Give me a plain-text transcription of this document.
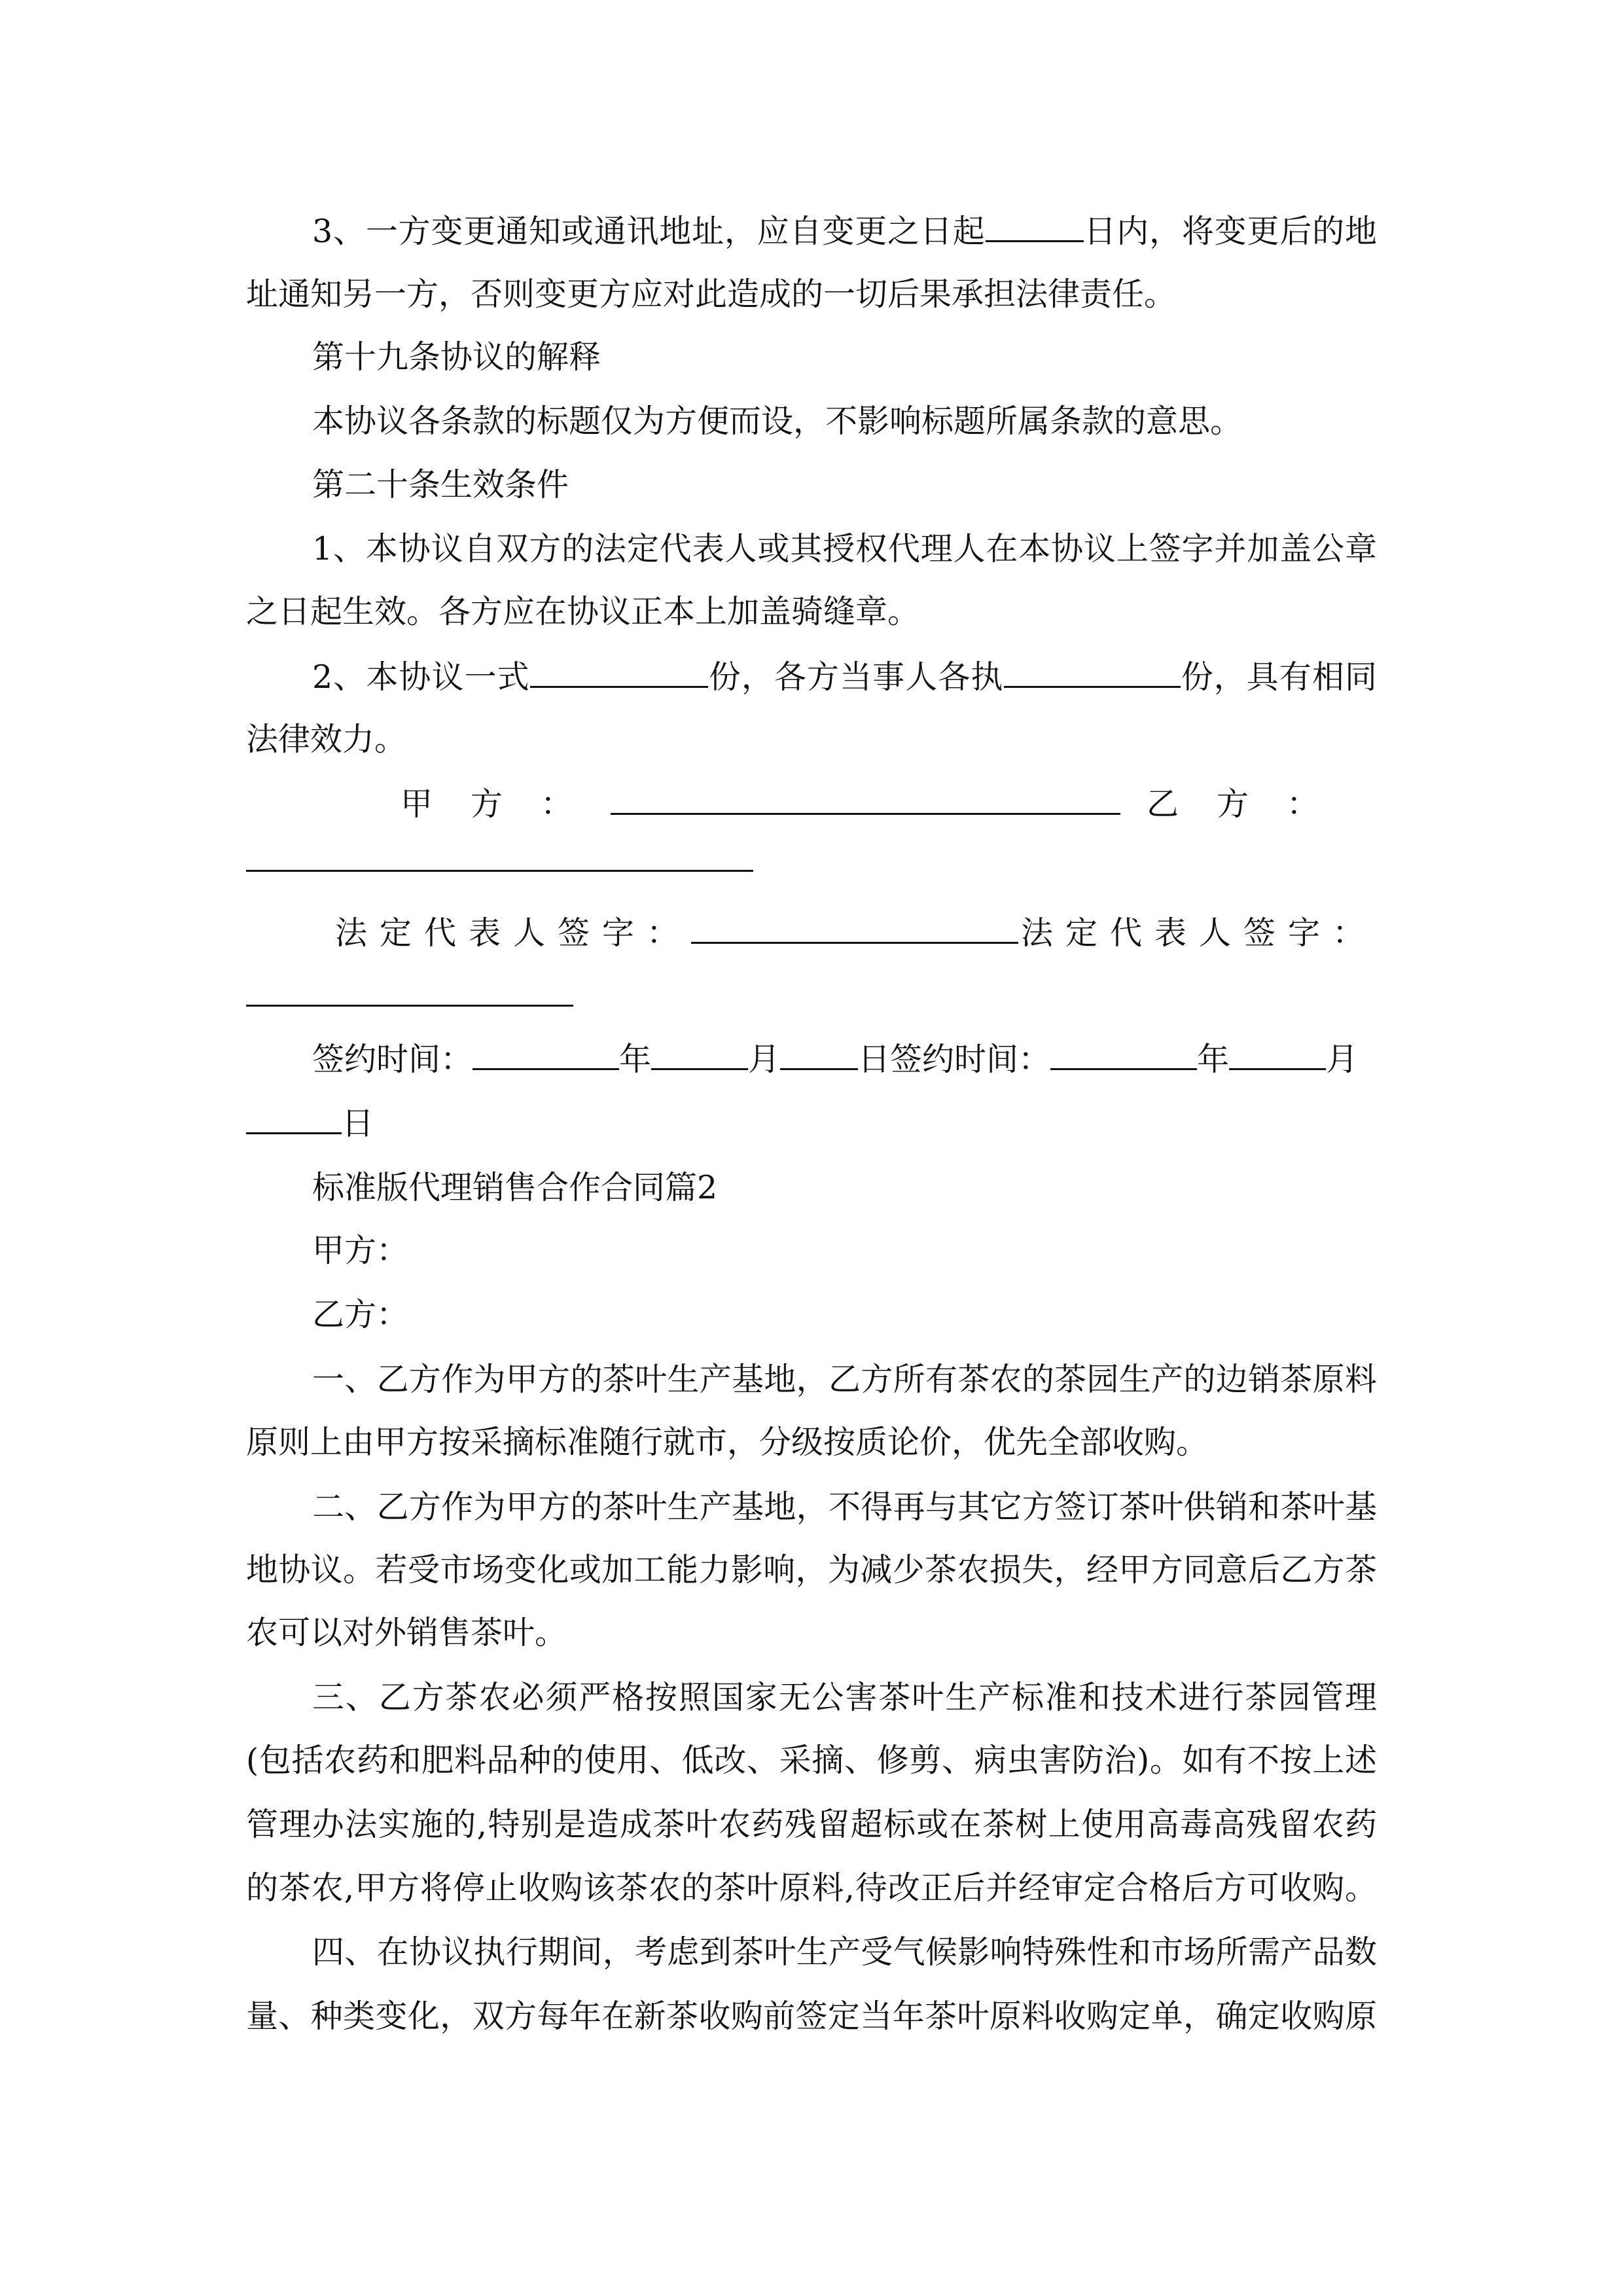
3、一方变更通知或通讯地址，应自变更之日起	日内，将变更后的地
址通知另一方，否则变更方应对此造成的一切后果承担法律责任。
第十九条协议的解释
本协议各条款的标题仅为方便而设，不影响标题所属条款的意思。
第二十条生效条件
1、本协议自双方的法定代表人或其授权代理人在本协议上签字并加盖公章
之日起生效。各方应在协议正本上加盖骑缝章。
2、本协议一式	份，各方当事人各执	份，具有相同
法律效力。
甲方：	乙方：
法定代表人签字：	法定代表人签字：
签约时间：	年	月 日签约时间：	年	月
日
标准版代理销售合作合同篇2
甲方：
乙方：
一、乙方作为甲方的茶叶生产基地，乙方所有茶农的茶园生产的边销茶原料
原则上由甲方按采摘标准随行就市，分级按质论价，优先全部收购。
二、乙方作为甲方的茶叶生产基地，不得再与其它方签订茶叶供销和茶叶基
地协议。若受市场变化或加工能力影响，为减少茶农损失，经甲方同意后乙方茶
农可以对外销售茶叶。
三、乙方茶农必须严格按照国家无公害茶叶生产标准和技术进行茶园管理
(包括农药和肥料品种的使用、低改、采摘、修剪、病虫害防治)。如有不按上述
管理办法实施的,特别是造成茶叶农药残留超标或在茶树上使用高毒高残留农药
的茶农,甲方将停止收购该茶农的茶叶原料,待改正后并经审定合格后方可收购。
四、在协议执行期间，考虑到茶叶生产受气候影响特殊性和市场所需产品数
量、种类变化，双方每年在新茶收购前签定当年茶叶原料收购定单，确定收购原
